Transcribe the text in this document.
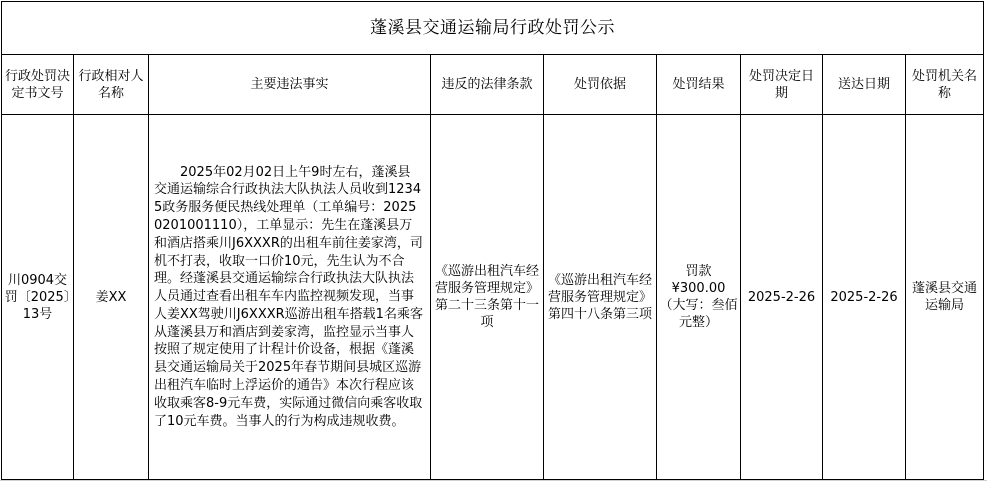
蓬溪县交通运输局行政处罚公示								
行政处罚决定书文号	行政相对人名称	主要违法事实	违反的法律条款	处罚依据	处罚结果	处罚决定日期	送达日期	处罚机关名称
川0904交罚〔2025〕13号	姜XX	2025年02月02日上午9时左右，蓬溪县交通运输综合行政执法大队执法人员收到12345政务服务便民热线处理单（工单编号：20250201001110），工单显示：先生在蓬溪县万和酒店搭乘川J6XXXR的出租车前往姜家湾，司机不打表，收取一口价10元，先生认为不合理。经蓬溪县交通运输综合行政执法大队执法人员通过查看出租车车内监控视频发现，当事人姜XX驾驶川J6XXXR巡游出租车搭载1名乘客从蓬溪县万和酒店到姜家湾，监控显示当事人按照了规定使用了计程计价设备，根据《蓬溪县交通运输局关于2025年春节期间县城区巡游出租汽车临时上浮运价的通告》本次行程应该收取乘客8-9元车费，实际通过微信向乘客收取了10元车费。当事人的行为构成违规收费。	《巡游出租汽车经营服务管理规定》第二十三条第十一项	《巡游出租汽车经营服务管理规定》第四十八条第三项	罚款¥300.00（大写：叁佰元整）	2025-2-26	2025-2-26	蓬溪县交通运输局
